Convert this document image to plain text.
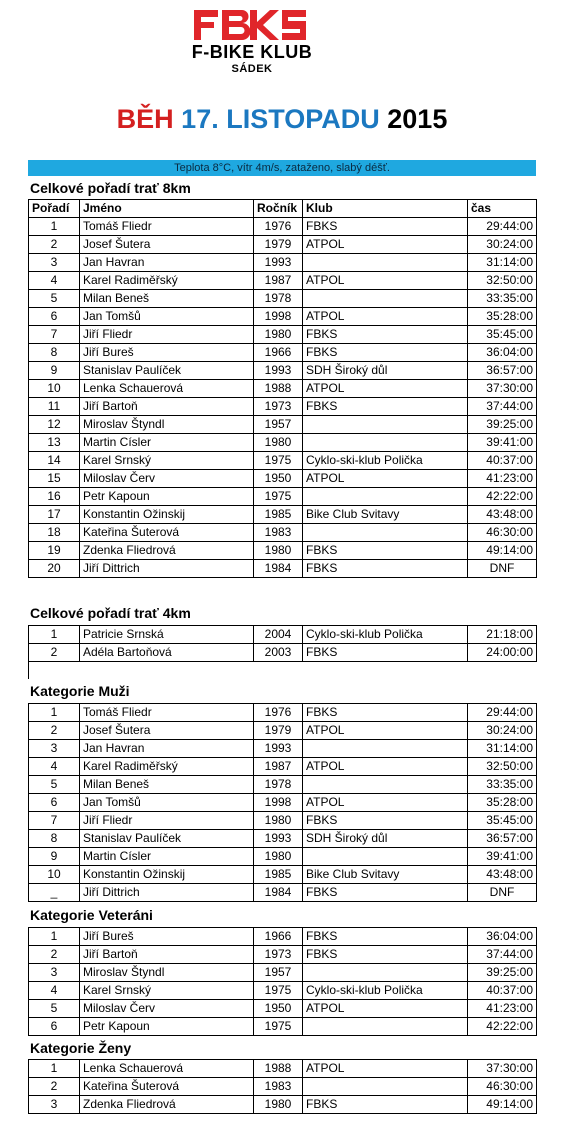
F-BIKE KLUB
SÁDEK
BĚH 17. LISTOPADU 2015
Teplota 8°C, vítr 4m/s, zataženo, slabý déšť.
Celkové pořadí trať 8km
Pořadí	Jméno	Ročník	Klub	čas
1	Tomáš Fliedr	1976	FBKS	29:44:00
2	Josef Šutera	1979	ATPOL	30:24:00
3	Jan Havran	1993		31:14:00
4	Karel Radiměřský	1987	ATPOL	32:50:00
5	Milan Beneš	1978		33:35:00
6	Jan Tomšů	1998	ATPOL	35:28:00
7	Jiří Fliedr	1980	FBKS	35:45:00
8	Jiří Bureš	1966	FBKS	36:04:00
9	Stanislav Paulíček	1993	SDH Široký důl	36:57:00
10	Lenka Schauerová	1988	ATPOL	37:30:00
11	Jiří Bartoň	1973	FBKS	37:44:00
12	Miroslav Štyndl	1957		39:25:00
13	Martin Císler	1980		39:41:00
14	Karel Srnský	1975	Cyklo-ski-klub Polička	40:37:00
15	Miloslav Červ	1950	ATPOL	41:23:00
16	Petr Kapoun	1975		42:22:00
17	Konstantin Ožinskij	1985	Bike Club Svitavy	43:48:00
18	Kateřina Šuterová	1983		46:30:00
19	Zdenka Fliedrová	1980	FBKS	49:14:00
20	Jiří Dittrich	1984	FBKS	DNF
Celkové pořadí trať 4km
1	Patricie Srnská	2004	Cyklo-ski-klub Polička	21:18:00
2	Adéla Bartoňová	2003	FBKS	24:00:00
Kategorie Muži
1	Tomáš Fliedr	1976	FBKS	29:44:00
2	Josef Šutera	1979	ATPOL	30:24:00
3	Jan Havran	1993		31:14:00
4	Karel Radiměřský	1987	ATPOL	32:50:00
5	Milan Beneš	1978		33:35:00
6	Jan Tomšů	1998	ATPOL	35:28:00
7	Jiří Fliedr	1980	FBKS	35:45:00
8	Stanislav Paulíček	1993	SDH Široký důl	36:57:00
9	Martin Císler	1980		39:41:00
10	Konstantin Ožinskij	1985	Bike Club Svitavy	43:48:00
_	Jiří Dittrich	1984	FBKS	DNF
Kategorie Veteráni
1	Jiří Bureš	1966	FBKS	36:04:00
2	Jiří Bartoň	1973	FBKS	37:44:00
3	Miroslav Štyndl	1957		39:25:00
4	Karel Srnský	1975	Cyklo-ski-klub Polička	40:37:00
5	Miloslav Červ	1950	ATPOL	41:23:00
6	Petr Kapoun	1975		42:22:00
Kategorie Ženy
1	Lenka Schauerová	1988	ATPOL	37:30:00
2	Kateřina Šuterová	1983		46:30:00
3	Zdenka Fliedrová	1980	FBKS	49:14:00
